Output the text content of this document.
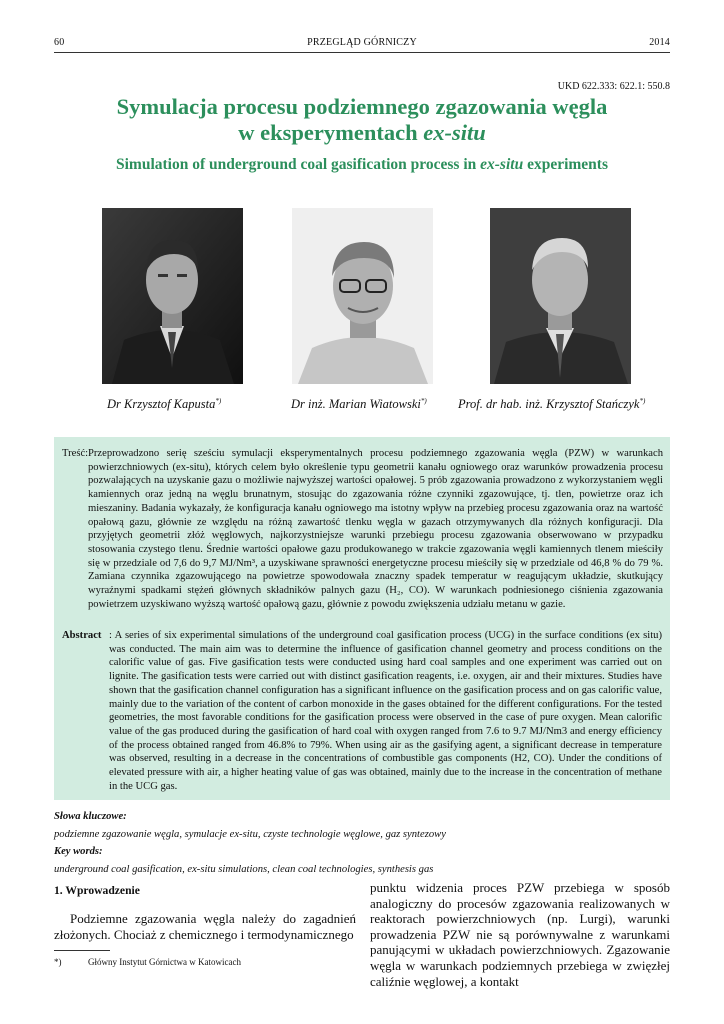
60	PRZEGLĄD GÓRNICZY	2014
UKD 622.333: 622.1: 550.8
Symulacja procesu podziemnego zgazowania węgla
w eksperymentach ex-situ
Simulation of underground coal gasification process in ex-situ experiments
Dr Krzysztof Kapusta*)	Dr inż. Marian Wiatowski*)	Prof. dr hab. inż. Krzysztof Stańczyk*)
Treść: Przeprowadzono serię sześciu symulacji eksperymentalnych procesu podziemnego zgazowania węgla (PZW) w warunkach powierzchniowych (ex-situ), których celem było określenie typu geometrii kanału ogniowego oraz warunków prowadzenia procesu pozwalających na uzyskanie gazu o możliwie najwyższej wartości opałowej. 5 prób zgazowania prowadzono z wykorzystaniem węgli kamiennych oraz jedną na węglu brunatnym, stosując do zgazowania różne czynniki zgazowujące, tj. tlen, powietrze oraz ich mieszaniny. Badania wykazały, że konfiguracja kanału ogniowego ma istotny wpływ na przebieg procesu zgazowania oraz na wartość opałową gazu, głównie ze względu na różną zawartość tlenku węgla w gazach otrzymywanych dla różnych konfiguracji. Dla przyjętych geometrii złóż węglowych, najkorzystniejsze warunki przebiegu procesu zgazowania obserwowano w przypadku stosowania czystego tlenu. Średnie wartości opałowe gazu produkowanego w trakcie zgazowania węgli kamiennych tlenem mieściły się w przedziale od 7,6 do 9,7 MJ/Nm³, a uzyskiwane sprawności energetyczne procesu mieściły się w przedziale od 46,8 % do 79 %. Zamiana czynnika zgazowującego na powietrze spowodowała znaczny spadek temperatur w reagującym układzie, skutkujący wyraźnymi spadkami stężeń głównych składników palnych gazu (H₂, CO). W warunkach podniesionego ciśnienia zgazowania powietrzem uzyskiwano wyższą wartość opałową gazu, głównie z powodu zwiększenia udziału metanu w gazie.
Abstract : A series of six experimental simulations of the underground coal gasification process (UCG) in the surface conditions (ex situ) was conducted. The main aim was to determine the influence of gasification channel geometry and process conditions on the calorific value of gas. Five gasification tests were conducted using hard coal samples and one experiment was carried out on lignite. The gasification tests were carried out with distinct gasification reagents, i.e. oxygen, air and their mixtures. Studies have shown that the gasification channel configuration has a significant influence on the gasification process and on gas calorific value, mainly due to the variation of the content of carbon monoxide in the gases obtained for the different configurations. For the tested geometries, the most favorable conditions for the gasification process were observed in the case of pure oxygen. Mean calorific value of the gas produced during the gasification of hard coal with oxygen ranged from 7.6 to 9.7 MJ/Nm3 and energy efficiency of the process obtained ranged from 46.8% to 79%. When using air as the gasifying agent, a significant decrease in temperature was observed, resulting in a decrease in the concentrations of combustible gas components (H2, CO). Under the conditions of elevated pressure with air, a higher heating value of gas was obtained, mainly due to the increase in the concentration of methane in the UCG gas.
Słowa kluczowe:
podziemne zgazowanie węgla, symulacje ex-situ, czyste technologie węglowe, gaz syntezowy
Key words:
underground coal gasification, ex-situ simulations, clean coal technologies, synthesis gas
1. Wprowadzenie
Podziemne zgazowania węgla należy do zagadnień złożonych. Chociaż z chemicznego i termodynamicznego
punktu widzenia proces PZW przebiega w sposób analogiczny do procesów zgazowania realizowanych w reaktorach powierzchniowych (np. Lurgi), warunki prowadzenia PZW nie są porównywalne z warunkami panującymi w układach powierzchniowych. Zgazowanie węgla w warunkach podziemnych przebiega w zwięzłej caliźnie węglowej, a kontakt
*)	Główny Instytut Górnictwa w Katowicach
